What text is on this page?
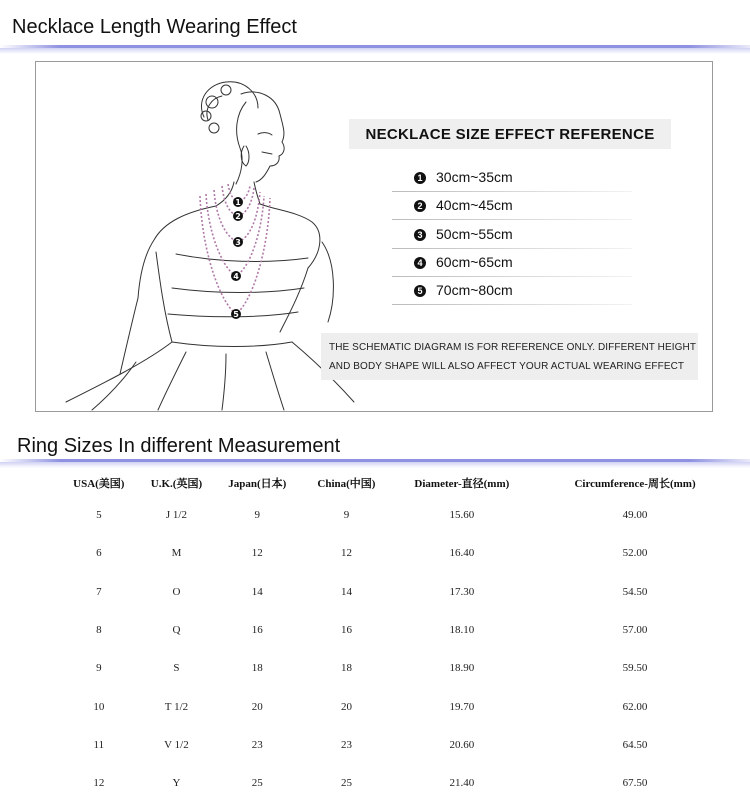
Necklace Length Wearing Effect
1
2
3
4
5
NECKLACE SIZE EFFECT REFERENCE
1 30cm~35cm
2 40cm~45cm
3 50cm~55cm
4 60cm~65cm
5 70cm~80cm
THE SCHEMATIC DIAGRAM IS FOR REFERENCE ONLY. DIFFERENT HEIGHT
AND BODY SHAPE WILL ALSO AFFECT YOUR ACTUAL WEARING EFFECT
Ring Sizes In different Measurement
USA(美国)	U.K.(英国)	Japan(日本)	China(中国)	Diameter-直径(mm)	Circumference-周长(mm)
5	J 1/2	9	9	15.60	49.00
6	M	12	12	16.40	52.00
7	O	14	14	17.30	54.50
8	Q	16	16	18.10	57.00
9	S	18	18	18.90	59.50
10	T 1/2	20	20	19.70	62.00
11	V 1/2	23	23	20.60	64.50
12	Y	25	25	21.40	67.50
